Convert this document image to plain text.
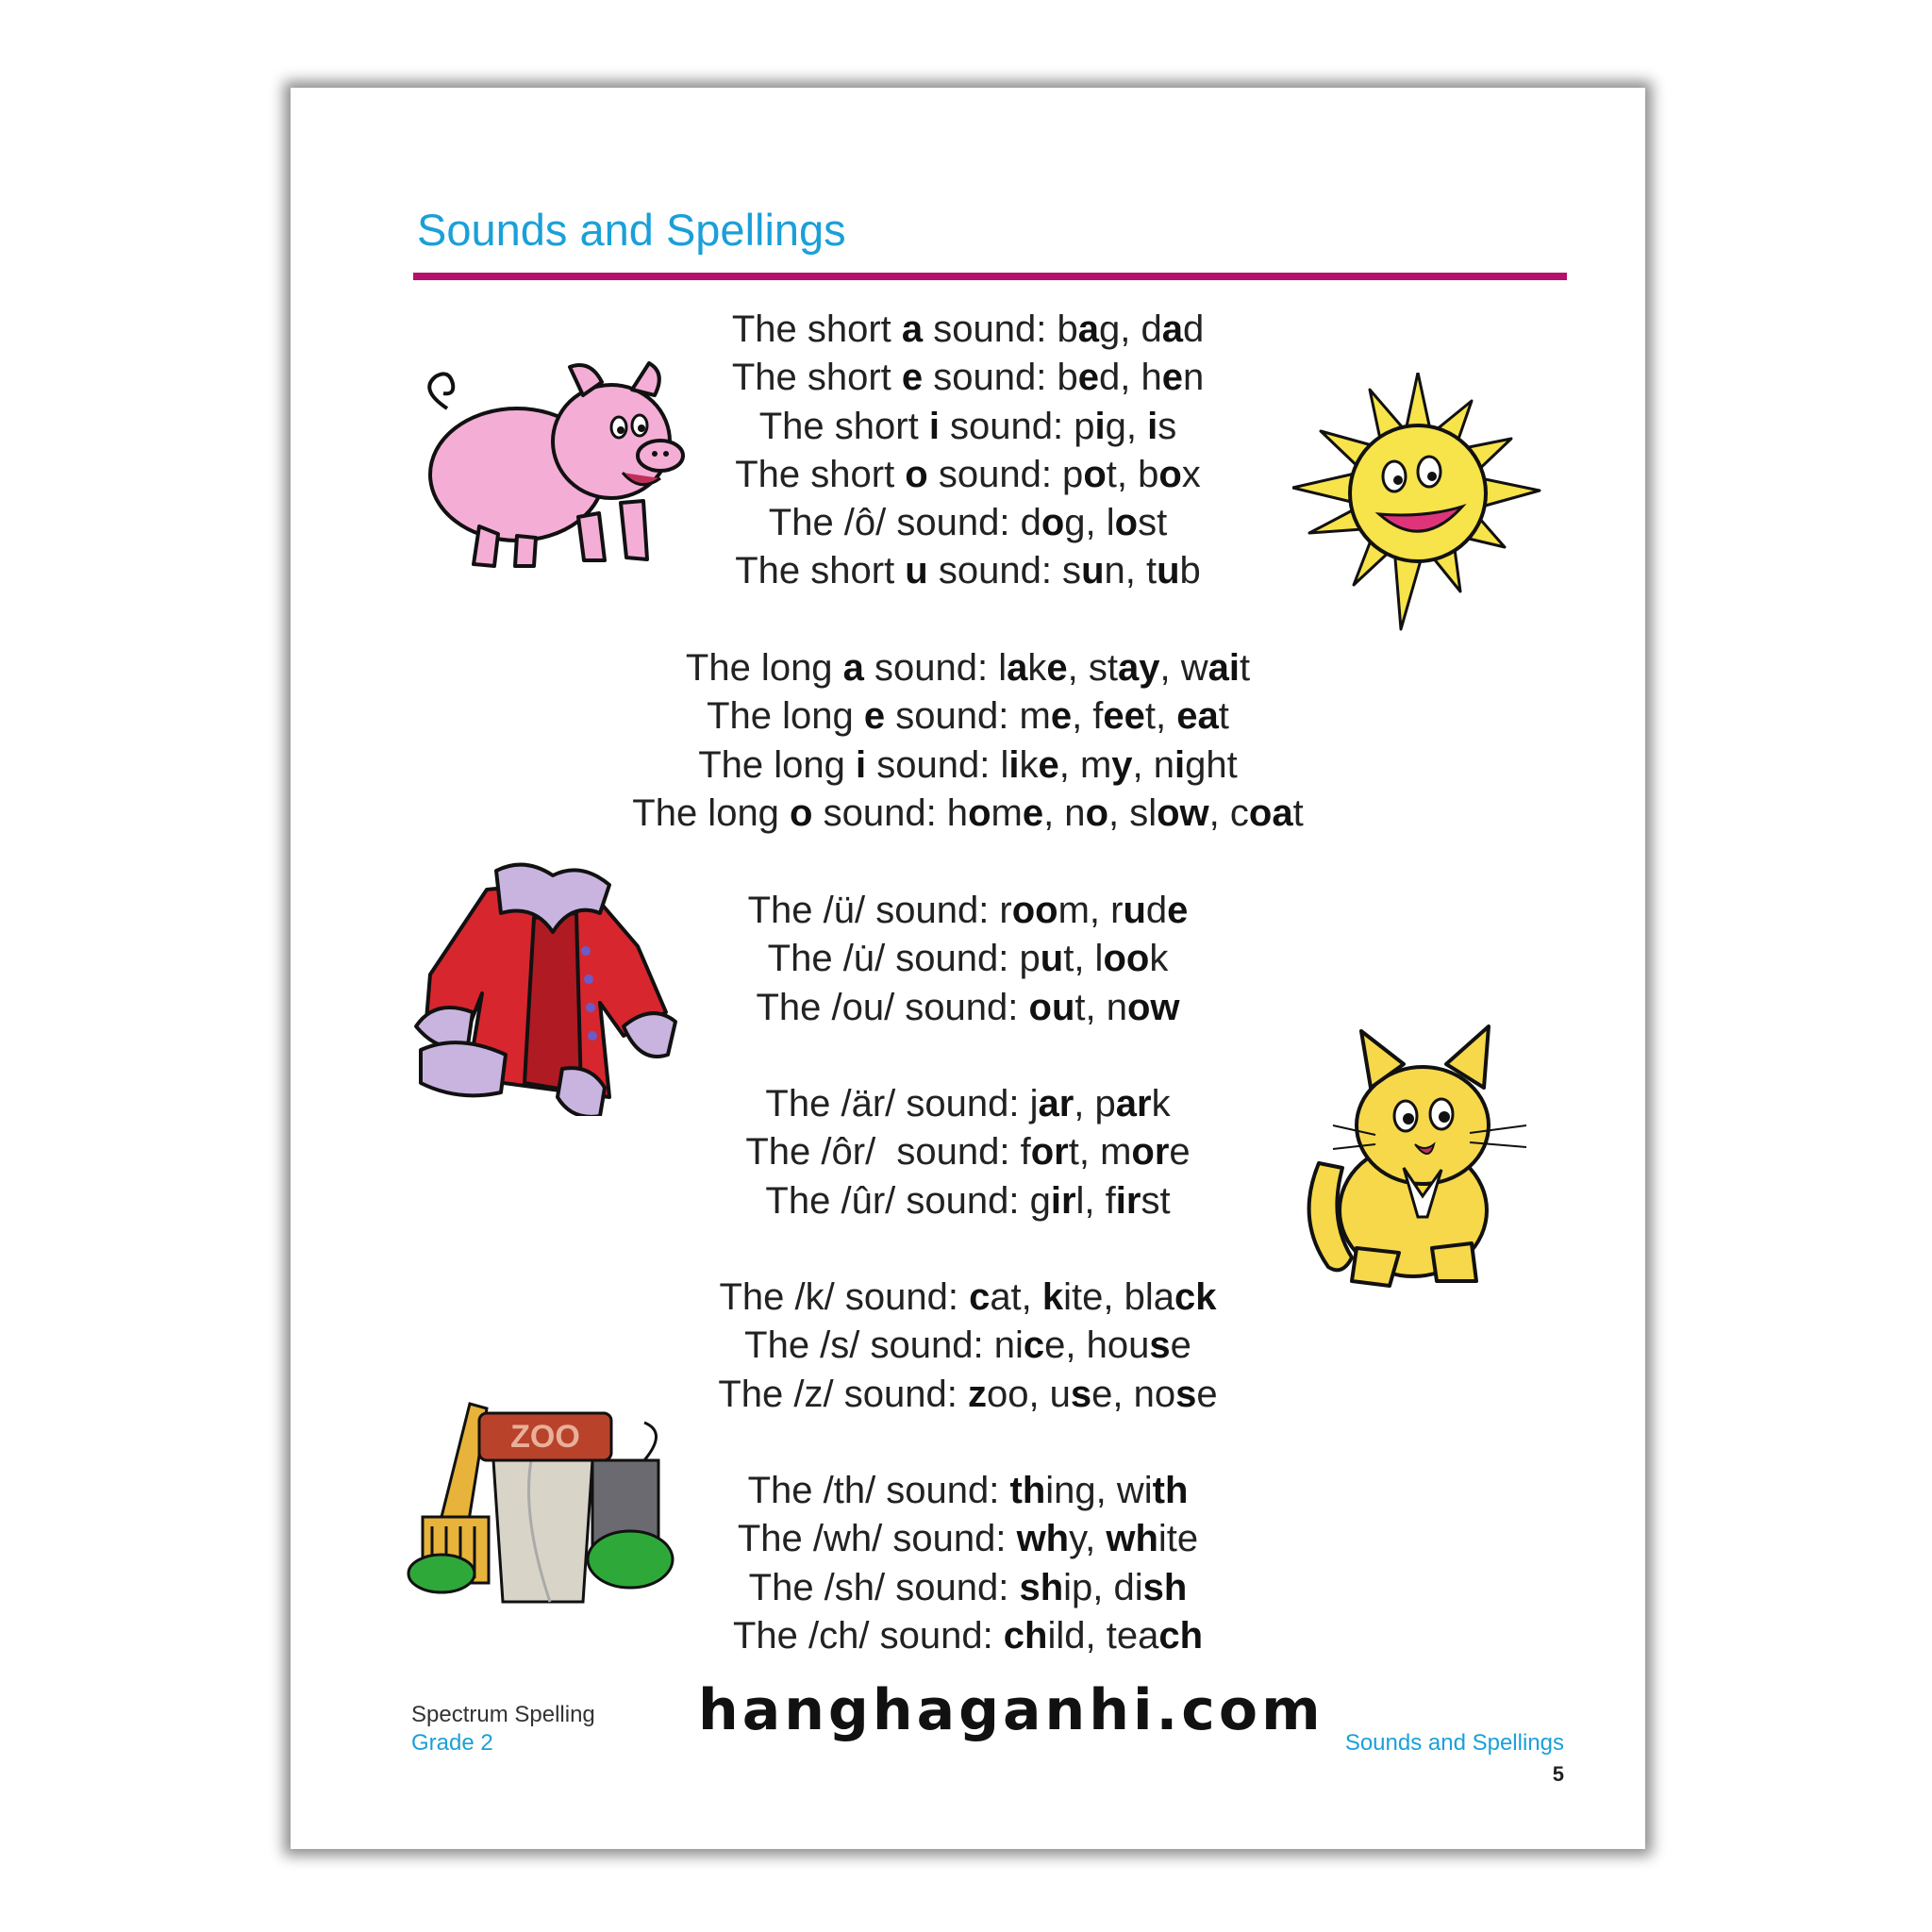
Sounds and Spellings
The short a sound: bag, dad
The short e sound: bed, hen
The short i sound: pig, is
The short o sound: pot, box
The /ô/ sound: dog, lost
The short u sound: sun, tub
The long a sound: lake, stay, wait
The long e sound: me, feet, eat
The long i sound: like, my, night
The long o sound: home, no, slow, coat
The /ü/ sound: room, rude
The /u̇/ sound: put, look
The /ou/ sound: out, now
The /är/ sound: jar, park
The /ôr/  sound: fort, more
The /ûr/ sound: girl, first
The /k/ sound: cat, kite, black
The /s/ sound: nice, house
The /z/ sound: zoo, use, nose
The /th/ sound: thing, with
The /wh/ sound: why, white
The /sh/ sound: ship, dish
The /ch/ sound: child, teach
ZOO
Spectrum Spelling
Grade 2	Sounds and Spellings
5
hanghaganhi.com
